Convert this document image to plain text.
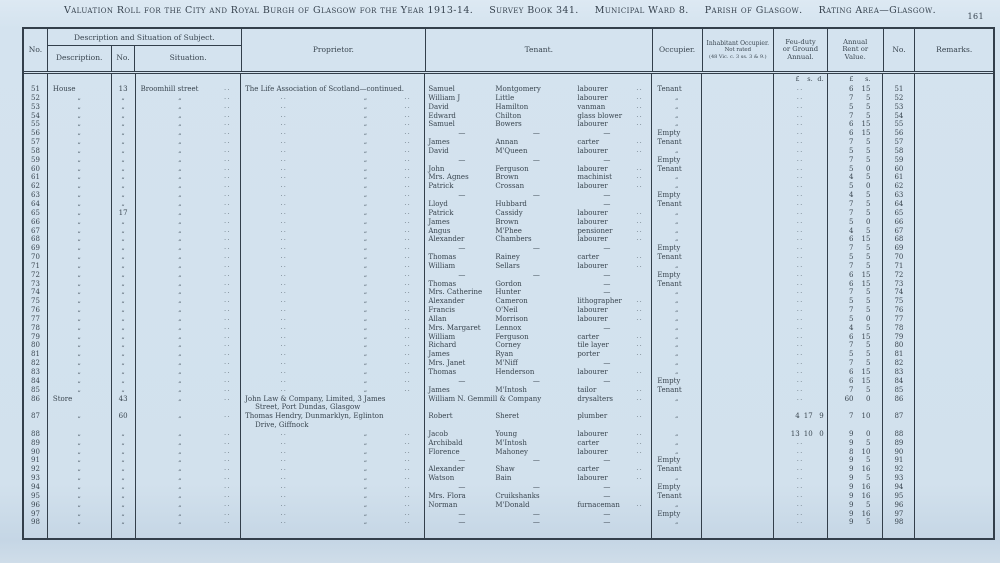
Valuation Roll for the City and Royal Burgh of Glasgow for the Year 1913-14. Survey Book 341. Municipal Ward 8. Parish of Glasgow. Rating Area—Glasgow.
161
No.
Description and Situation of Subject.
Description.	No.	Situation.
Proprietor.	Tenant.	Occupier.
Inhabitant Occupier.
Not rated
(48 Vic. c. 3 ss. 3 & 9.)
Feu-duty
or Ground
Annual.
Annual
Rent or
Value.
No.	Remarks.
£	s. d.	£	s.
51	House	13	Broomhill street	..	The Life Association of Scotland—continued.	Samuel	Montgomery	labourer	..	Tenant	..	6	15	51
52	„	„	„	..	..	„	..	William J	Little	labourer	..	„	..	7	5	52
53	„	„	„	..	..	„	..	David	Hamilton	vanman	..	„	..	5	5	53
54	„	„	„	..	..	„	..	Edward	Chilton	glass blower	..	„	..	7	5	54
55	„	„	„	..	..	„	..	Samuel	Bowers	labourer	..	„	..	6	15	55
56	„	„	„	..	..	„	..	—	—	—	Empty	..	6	15	56
57	„	„	„	..	..	„	..	James	Annan	carter	..	Tenant	..	7	5	57
58	„	„	„	..	..	„	..	David	M'Queen	labourer	..	„	..	5	5	58
59	„	„	„	..	..	„	..	—	—	—	Empty	..	7	5	59
60	„	„	„	..	..	„	..	John	Ferguson	labourer	..	Tenant	..	5	0	60
61	„	„	„	..	..	„	..	Mrs. Agnes	Brown	machinist	..	„	..	4	5	61
62	„	„	„	..	..	„	..	Patrick	Crossan	labourer	..	„	..	5	0	62
63	„	„	„	..	..	„	..	—	—	—	Empty	..	4	5	63
64	„	„	„	..	..	„	..	Lloyd	Hubbard	—	Tenant	..	7	5	64
65	„	17	„	..	..	„	..	Patrick	Cassidy	labourer	..	„	..	7	5	65
66	„	„	„	..	..	„	..	James	Brown	labourer	..	„	..	5	0	66
67	„	„	„	..	..	„	..	Angus	M'Phee	pensioner	..	„	..	4	5	67
68	„	„	„	..	..	„	..	Alexander	Chambers	labourer	..	„	..	6	15	68
69	„	„	„	..	..	„	..	—	—	—	Empty	..	7	5	69
70	„	„	„	..	..	„	..	Thomas	Rainey	carter	..	Tenant	..	5	5	70
71	„	„	„	..	..	„	..	William	Sellars	labourer	..	„	..	7	5	71
72	„	„	„	..	..	„	..	—	—	—	Empty	..	6	15	72
73	„	„	„	..	..	„	..	Thomas	Gordon	—	Tenant	..	6	15	73
74	„	„	„	..	..	„	..	Mrs. Catherine	Hunter	—	„	..	7	5	74
75	„	„	„	..	..	„	..	Alexander	Cameron	lithographer	..	„	..	5	5	75
76	„	„	„	..	..	„	..	Francis	O'Neil	labourer	..	„	..	7	5	76
77	„	„	„	..	..	„	..	Allan	Morrison	labourer	..	„	..	5	0	77
78	„	„	„	..	..	„	..	Mrs. Margaret	Lennox	—	„	..	4	5	78
79	„	„	„	..	..	„	..	William	Ferguson	carter	..	„	..	6	15	79
80	„	„	„	..	..	„	..	Richard	Corney	tile layer	..	„	..	7	5	80
81	„	„	„	..	..	„	..	James	Ryan	porter	..	„	..	5	5	81
82	„	„	„	..	..	„	..	Mrs. Janet	M'Niff	—	„	..	7	5	82
83	„	„	„	..	..	„	..	Thomas	Henderson	labourer	..	„	..	6	15	83
84	„	„	„	..	..	„	..	—	—	—	Empty	..	6	15	84
85	„	„	„	..	..	„	..	James	M'Intosh	tailor	..	Tenant	..	7	5	85
86	Store	43	„	..	John Law & Company, Limited, 3 James
Street, Port Dundas, Glasgow
William N. Gemmill & Company	drysalters	..	„	..	60	0	86
87	„	60	„	..	Thomas Hendry, Dunmarklyn, Eglinton
Drive, Giffnock
Robert	Sheret	plumber	..	„	4 17 9	7	10	87
88	„	„	„	..	..	„	..	Jacob	Young	labourer	..	„	13 10 0	9	0	88
89	„	„	„	..	..	„	..	Archibald	M'Intosh	carter	..	„	..	9	5	89
90	„	„	„	..	..	„	..	Florence	Mahoney	labourer	..	„	..	8	10	90
91	„	„	„	..	..	„	..	—	—	—	Empty	..	9	5	91
92	„	„	„	..	..	„	..	Alexander	Shaw	carter	..	Tenant	..	9	16	92
93	„	„	„	..	..	„	..	Watson	Bain	labourer	..	„	..	9	5	93
94	„	„	„	..	..	„	..	—	—	—	Empty	..	9	16	94
95	„	„	„	..	..	„	..	Mrs. Flora	Cruikshanks	—	Tenant	..	9	16	95
96	„	„	„	..	..	„	..	Norman	M'Donald	furnaceman	..	„	..	9	5	96
97	„	„	„	..	..	„	..	—	—	—	Empty	..	9	16	97
98	„	„	„	..	..	„	..	—	—	—	„	..	9	5	98
